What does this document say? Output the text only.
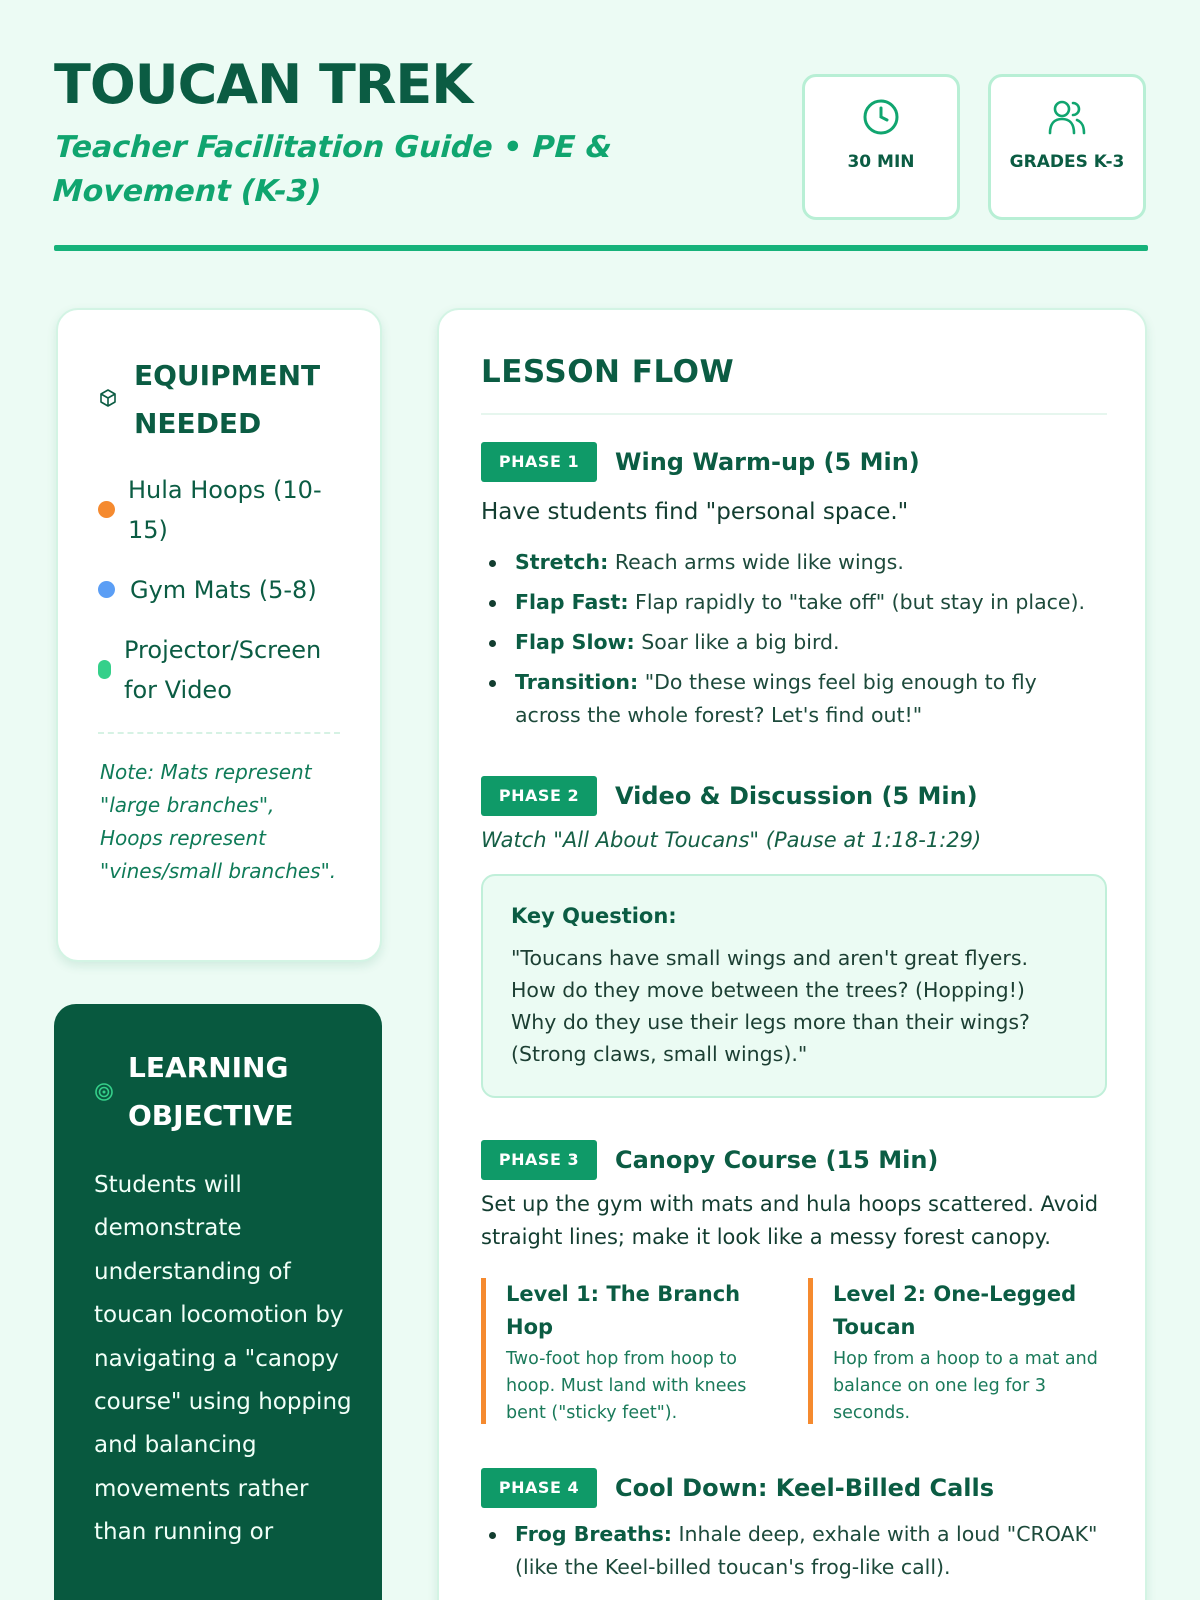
TOUCAN TREK
Teacher Facilitation Guide • PE & Movement (K-3)
30 MIN	GRADES K-3
EQUIPMENT NEEDED
Hula Hoops (10-15)
Gym Mats (5-8)
Projector/Screen for Video
Note: Mats represent "large branches", Hoops represent "vines/small branches".
LEARNING OBJECTIVE
Students will demonstrate understanding of toucan locomotion by navigating a "canopy course" using hopping and balancing movements rather than running or
LESSON FLOW
PHASE 1	Wing Warm-up (5 Min)
Have students find "personal space."
Stretch: Reach arms wide like wings.
Flap Fast: Flap rapidly to "take off" (but stay in place).
Flap Slow: Soar like a big bird.
Transition: "Do these wings feel big enough to fly across the whole forest? Let's find out!"
PHASE 2	Video & Discussion (5 Min)
Watch "All About Toucans" (Pause at 1:18-1:29)
Key Question:
"Toucans have small wings and aren't great flyers. How do they move between the trees? (Hopping!) Why do they use their legs more than their wings? (Strong claws, small wings)."
PHASE 3	Canopy Course (15 Min)
Set up the gym with mats and hula hoops scattered. Avoid straight lines; make it look like a messy forest canopy.
Level 1: The Branch Hop
Two-foot hop from hoop to hoop. Must land with knees bent ("sticky feet").
Level 2: One-Legged Toucan
Hop from a hoop to a mat and balance on one leg for 3 seconds.
PHASE 4	Cool Down: Keel-Billed Calls
Frog Breaths: Inhale deep, exhale with a loud "CROAK" (like the Keel-billed toucan's frog-like call).
